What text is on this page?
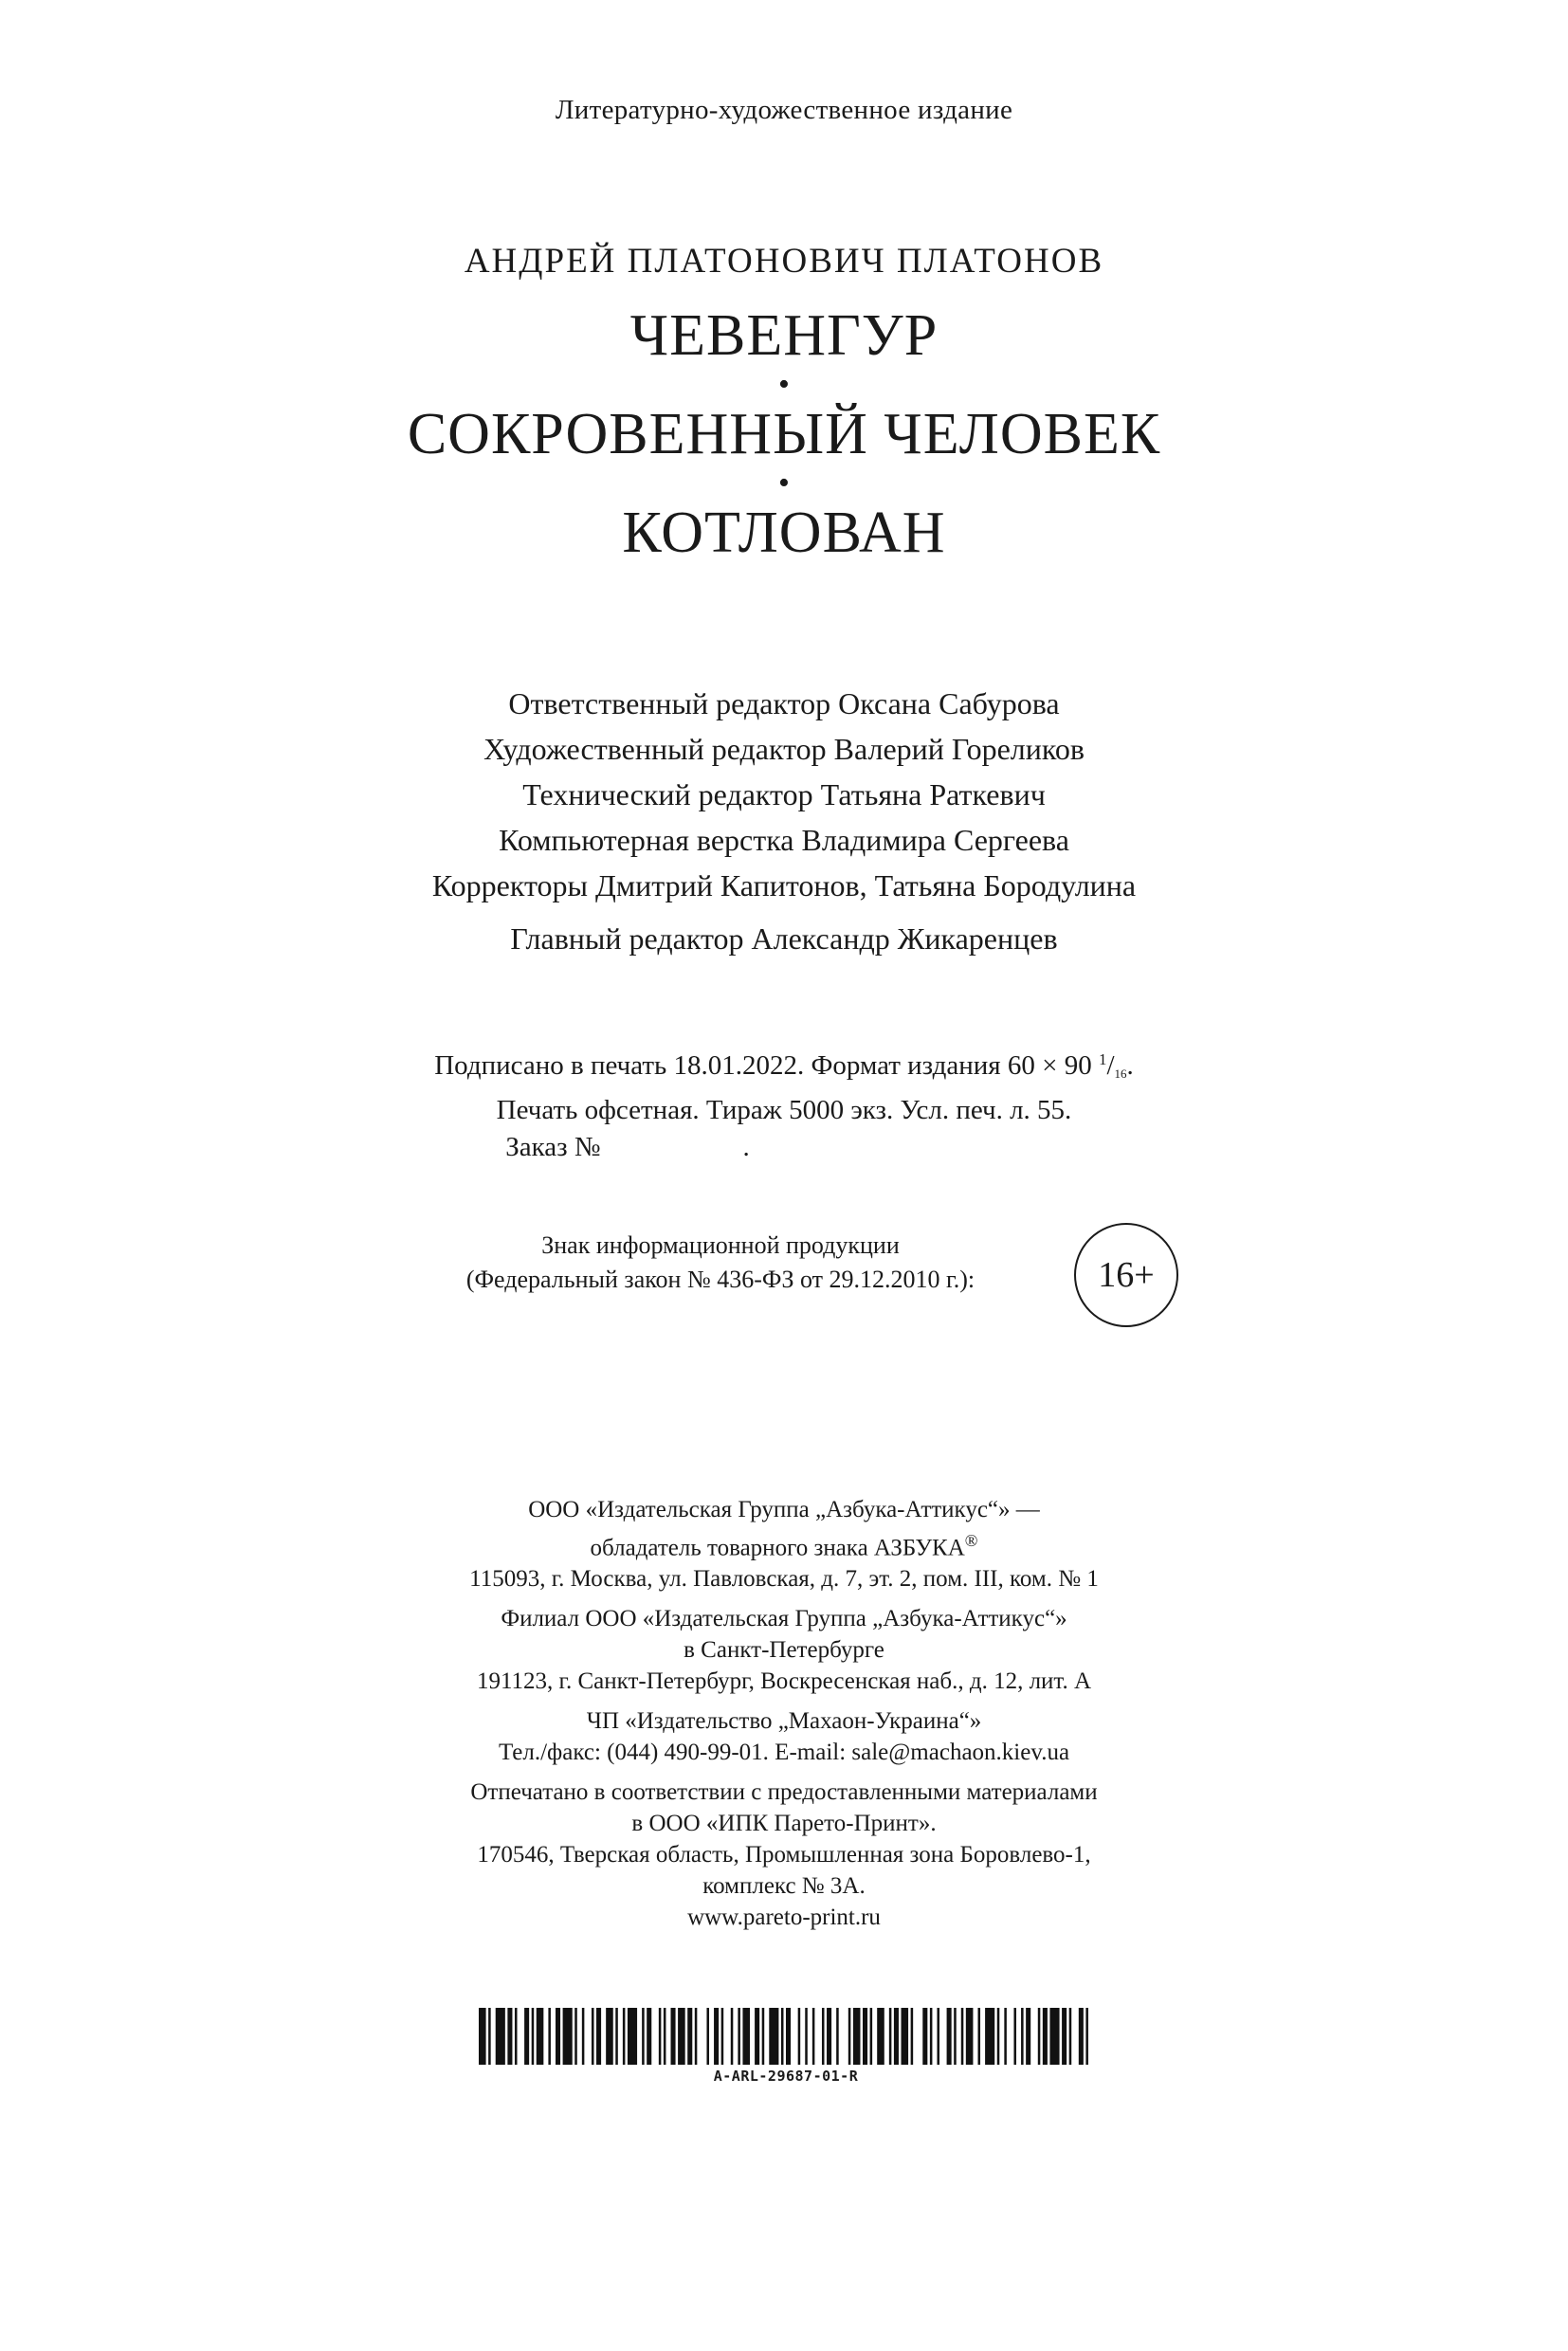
Литературно-художественное издание
АНДРЕЙ ПЛАТОНОВИЧ ПЛАТОНОВ
ЧЕВЕНГУР
•
СОКРОВЕННЫЙ ЧЕЛОВЕК
•
КОТЛОВАН
Ответственный редактор Оксана Сабурова
Художественный редактор Валерий Гореликов
Технический редактор Татьяна Раткевич
Компьютерная верстка Владимира Сергеева
Корректоры Дмитрий Капитонов, Татьяна Бородулина
Главный редактор Александр Жикаренцев
Подписано в печать 18.01.2022. Формат издания 60 × 90 $^1/_{16}$.
Печать офсетная. Тираж 5000 экз. Усл. печ. л. 55.
Заказ №	.
Знак информационной продукции
(Федеральный закон № 436-ФЗ от 29.12.2010 г.):	16+
ООО «Издательская Группа „Азбука-Аттикус“» —
обладатель товарного знака АЗБУКА®
115093, г. Москва, ул. Павловская, д. 7, эт. 2, пом. III, ком. № 1
Филиал ООО «Издательская Группа „Азбука-Аттикус“»
в Санкт-Петербурге
191123, г. Санкт-Петербург, Воскресенская наб., д. 12, лит. А
ЧП «Издательство „Махаон-Украина“»
Тел./факс: (044) 490-99-01. E-mail: sale@machaon.kiev.ua
Отпечатано в соответствии с предоставленными материалами
в ООО «ИПК Парето-Принт».
170546, Тверская область, Промышленная зона Боровлево-1,
комплекс № 3А.
www.pareto-print.ru
A-ARL-29687-01-R
